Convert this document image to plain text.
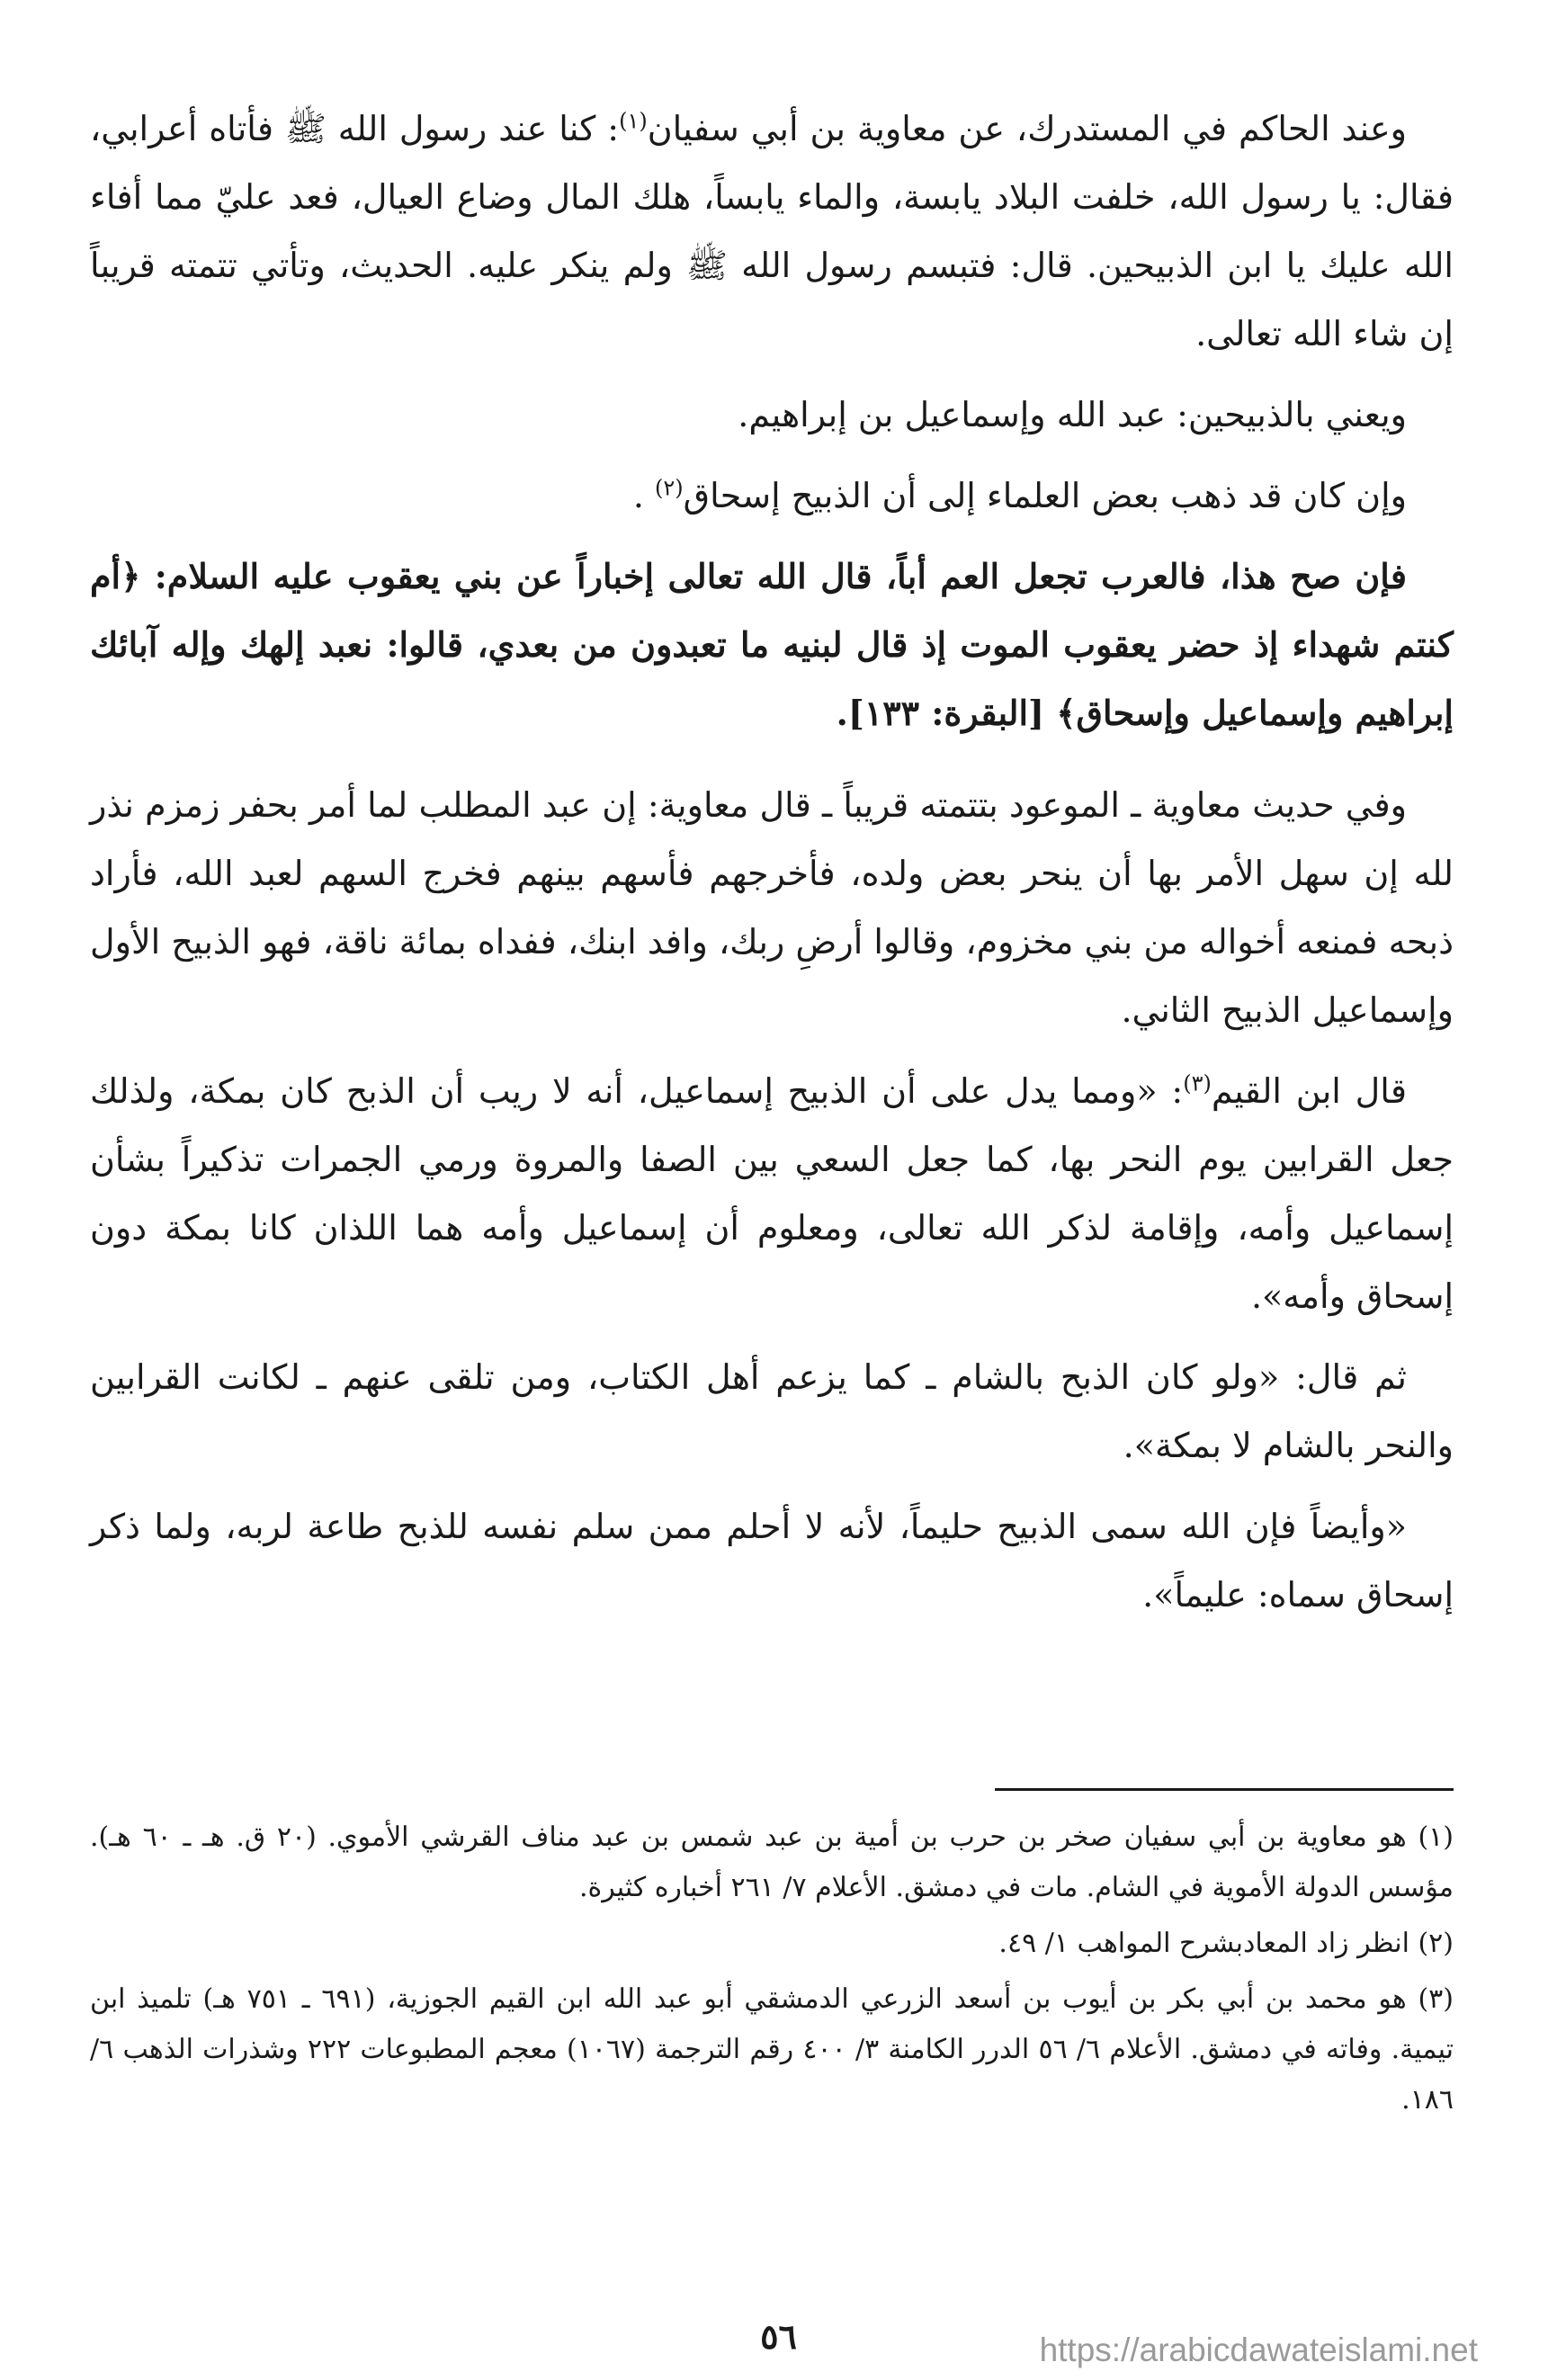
وعند الحاكم في المستدرك، عن معاوية بن أبي سفيان$^{(١)}$: كنا عند رسول الله ﷺ فأتاه أعرابي، فقال: يا رسول الله، خلفت البلاد يابسة، والماء يابساً، هلك المال وضاع العيال، فعد عليّ مما أفاء الله عليك يا ابن الذبيحين. قال: فتبسم رسول الله ﷺ ولم ينكر عليه. الحديث، وتأتي تتمته قريباً إن شاء الله تعالى.

ويعني بالذبيحين: عبد الله وإسماعيل بن إبراهيم.

وإن كان قد ذهب بعض العلماء إلى أن الذبيح إسحاق$^{(٢)}$ .

فإن صح هذا، فالعرب تجعل العم أباً، قال الله تعالى إخباراً عن بني يعقوب عليه السلام: ﴿أم كنتم شهداء إذ حضر يعقوب الموت إذ قال لبنيه ما تعبدون من بعدي، قالوا: نعبد إلهك وإله آبائك إبراهيم وإسماعيل وإسحاق﴾ [البقرة: ١٣٣].

وفي حديث معاوية ـ الموعود بتتمته قريباً ـ قال معاوية: إن عبد المطلب لما أمر بحفر زمزم نذر لله إن سهل الأمر بها أن ينحر بعض ولده، فأخرجهم فأسهم بينهم فخرج السهم لعبد الله، فأراد ذبحه فمنعه أخواله من بني مخزوم، وقالوا أرضِ ربك، وافد ابنك، ففداه بمائة ناقة، فهو الذبيح الأول وإسماعيل الذبيح الثاني.

قال ابن القيم$^{(٣)}$: «ومما يدل على أن الذبيح إسماعيل، أنه لا ريب أن الذبح كان بمكة، ولذلك جعل القرابين يوم النحر بها، كما جعل السعي بين الصفا والمروة ورمي الجمرات تذكيراً بشأن إسماعيل وأمه، وإقامة لذكر الله تعالى، ومعلوم أن إسماعيل وأمه هما اللذان كانا بمكة دون إسحاق وأمه».

ثم قال: «ولو كان الذبح بالشام ـ كما يزعم أهل الكتاب، ومن تلقى عنهم ـ لكانت القرابين والنحر بالشام لا بمكة».

«وأيضاً فإن الله سمى الذبيح حليماً، لأنه لا أحلم ممن سلم نفسه للذبح طاعة لربه، ولما ذكر إسحاق سماه: عليماً».

(١) هو معاوية بن أبي سفيان صخر بن حرب بن أمية بن عبد شمس بن عبد مناف القرشي الأموي. (٢٠ ق. هـ ـ ٦٠ هـ). مؤسس الدولة الأموية في الشام. مات في دمشق. الأعلام ٧/ ٢٦١ أخباره كثيرة.

(٢) انظر زاد المعادبشرح المواهب ١/ ٤٩.

(٣) هو محمد بن أبي بكر بن أيوب بن أسعد الزرعي الدمشقي أبو عبد الله ابن القيم الجوزية، (٦٩١ ـ ٧٥١ هـ) تلميذ ابن تيمية. وفاته في دمشق. الأعلام ٦/ ٥٦ الدرر الكامنة ٣/ ٤٠٠ رقم الترجمة (١٠٦٧) معجم المطبوعات ٢٢٢ وشذرات الذهب ٦/ ١٨٦.

٥٦	https://arabicdawateislami.net
